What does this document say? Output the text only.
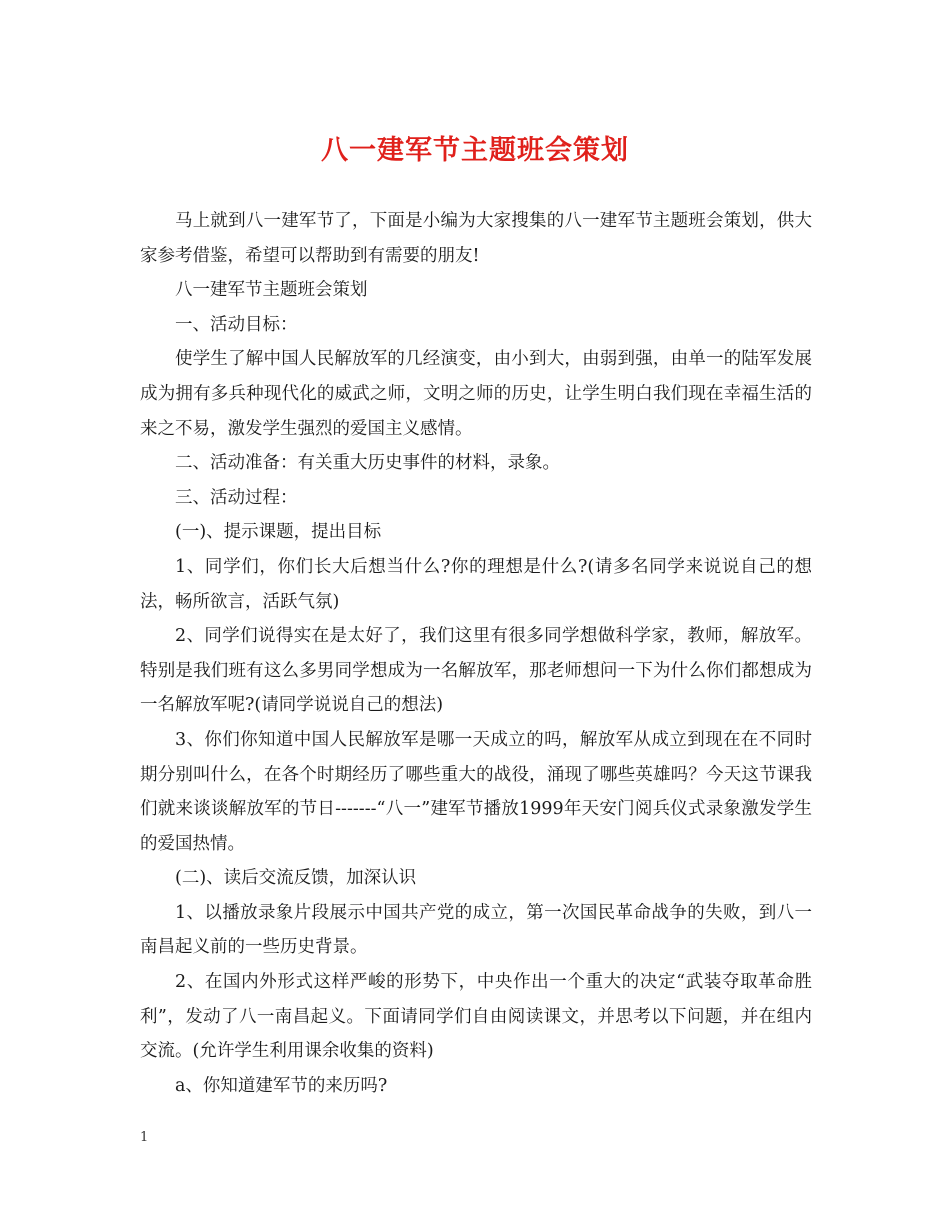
八一建军节主题班会策划

马上就到八一建军节了，下面是小编为大家搜集的八一建军节主题班会策划，供大家参考借鉴，希望可以帮助到有需要的朋友!

八一建军节主题班会策划

一、活动目标：

使学生了解中国人民解放军的几经演变，由小到大，由弱到强，由单一的陆军发展成为拥有多兵种现代化的威武之师，文明之师的历史，让学生明白我们现在幸福生活的来之不易，激发学生强烈的爱国主义感情。

二、活动准备：有关重大历史事件的材料，录象。

三、活动过程：

(一)、提示课题，提出目标

1、同学们，你们长大后想当什么?你的理想是什么?(请多名同学来说说自己的想法，畅所欲言，活跃气氛)

2、同学们说得实在是太好了，我们这里有很多同学想做科学家，教师，解放军。特别是我们班有这么多男同学想成为一名解放军，那老师想问一下为什么你们都想成为一名解放军呢?(请同学说说自己的想法)

3、你们你知道中国人民解放军是哪一天成立的吗，解放军从成立到现在在不同时期分别叫什么，在各个时期经历了哪些重大的战役，涌现了哪些英雄吗？今天这节课我们就来谈谈解放军的节日-------“八一”建军节播放1999年天安门阅兵仪式录象激发学生的爱国热情。

(二)、读后交流反馈，加深认识

1、以播放录象片段展示中国共产党的成立，第一次国民革命战争的失败，到八一南昌起义前的一些历史背景。

2、在国内外形式这样严峻的形势下，中央作出一个重大的决定“武装夺取革命胜利”，发动了八一南昌起义。下面请同学们自由阅读课文，并思考以下问题，并在组内交流。(允许学生利用课余收集的资料)

a、你知道建军节的来历吗?

1
